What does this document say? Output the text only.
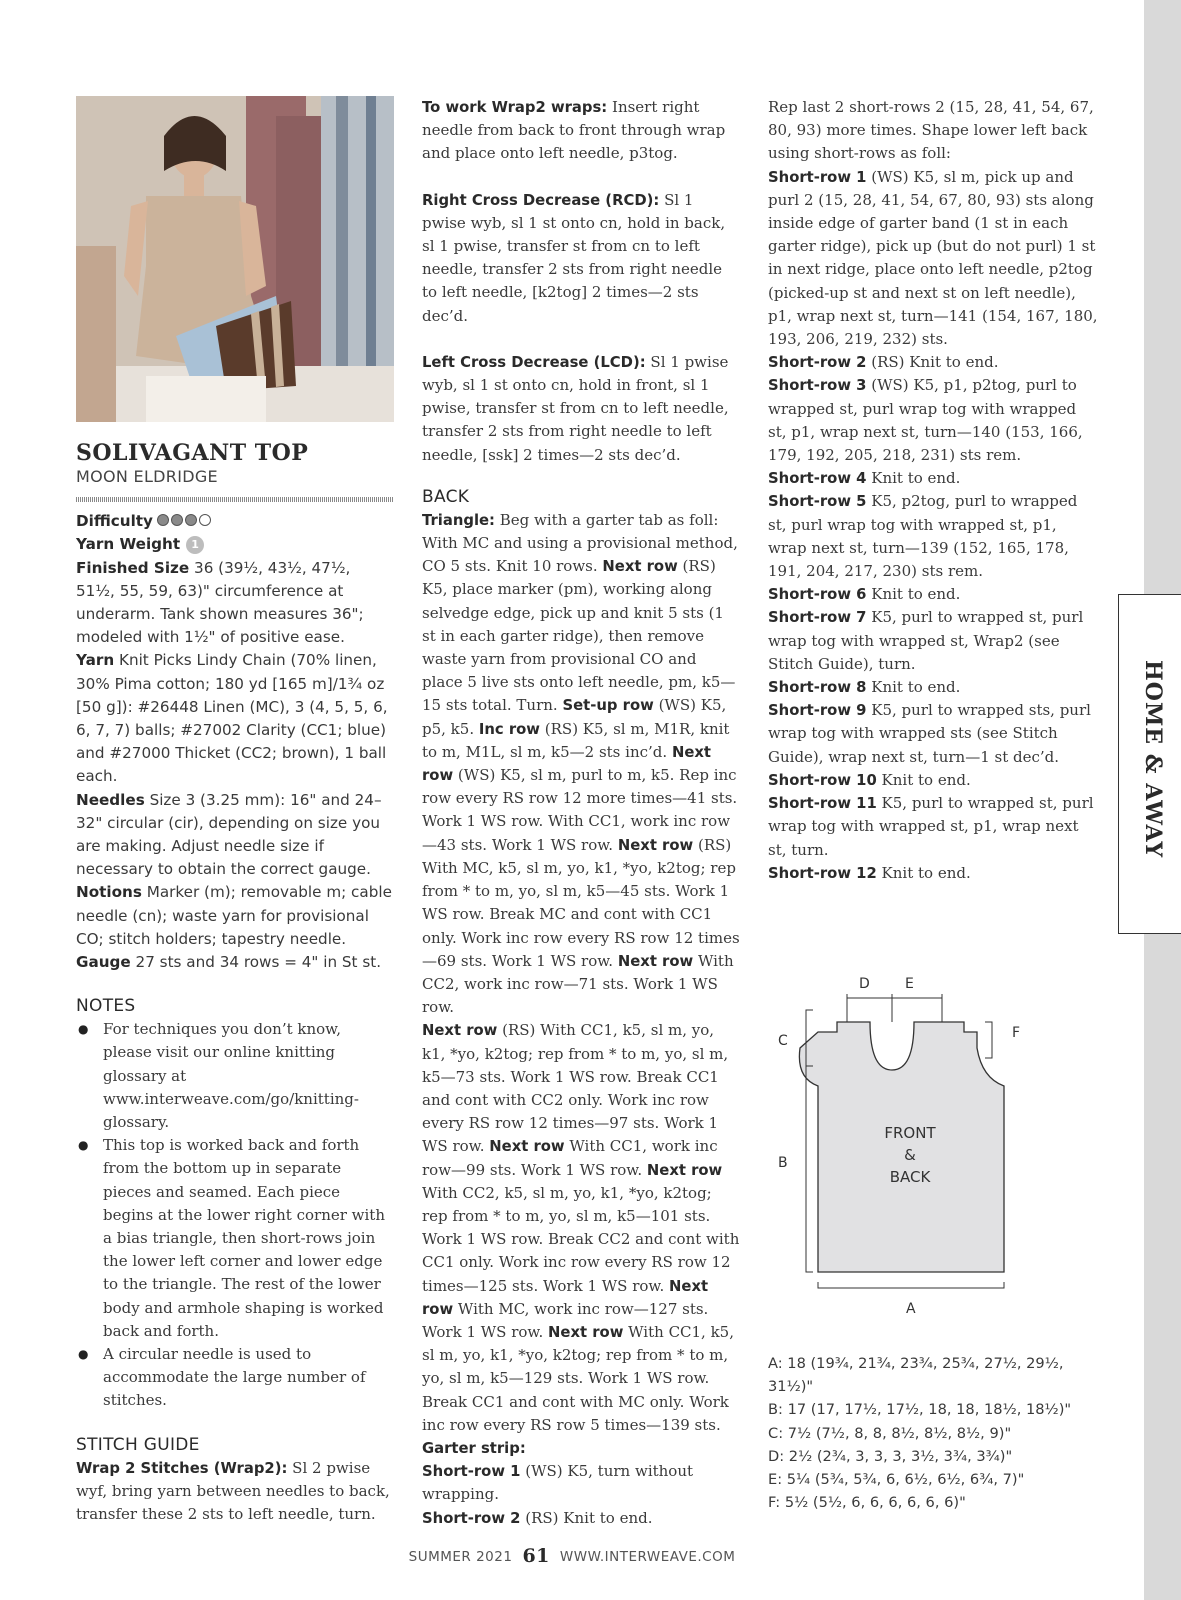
HOME & AWAY
SOLIVAGANT TOP
MOON ELDRIDGE

Difficulty

Yarn Weight 1

Finished Size 36 (39½, 43½, 47½, 51½, 55, 59, 63)" circumference at underarm. Tank shown measures 36"; modeled with 1½" of positive ease.

Yarn Knit Picks Lindy Chain (70% linen, 30% Pima cotton; 180 yd [165 m]/1¾ oz [50 g]): #26448 Linen (MC), 3 (4, 5, 5, 6, 6, 7, 7) balls; #27002 Clarity (CC1; blue) and #27000 Thicket (CC2; brown), 1 ball each.

Needles Size 3 (3.25 mm): 16" and 24–32" circular (cir), depending on size you are making. Adjust needle size if necessary to obtain the correct gauge.

Notions Marker (m); removable m; cable needle (cn); waste yarn for provisional CO; stitch holders; tapestry needle.

Gauge 27 sts and 34 rows = 4" in St st.

NOTES

● For techniques you don’t know, please visit our online knitting glossary at www.interweave.com/go/knitting-glossary.

● This top is worked back and forth from the bottom up in separate pieces and seamed. Each piece begins at the lower right corner with a bias triangle, then short-rows join the lower left corner and lower edge to the triangle. The rest of the lower body and armhole shaping is worked back and forth.

● A circular needle is used to accommodate the large number of stitches.

STITCH GUIDE

Wrap 2 Stitches (Wrap2): Sl 2 pwise wyf, bring yarn between needles to back, transfer these 2 sts to left needle, turn.

To work Wrap2 wraps: Insert right needle from back to front through wrap and place onto left needle, p3tog.

Right Cross Decrease (RCD): Sl 1 pwise wyb, sl 1 st onto cn, hold in back, sl 1 pwise, transfer st from cn to left needle, transfer 2 sts from right needle to left needle, [k2tog] 2 times—2 sts dec’d.

Left Cross Decrease (LCD): Sl 1 pwise wyb, sl 1 st onto cn, hold in front, sl 1 pwise, transfer st from cn to left needle, transfer 2 sts from right needle to left needle, [ssk] 2 times—2 sts dec’d.

BACK

Triangle: Beg with a garter tab as foll: With MC and using a provisional method, CO 5 sts. Knit 10 rows. Next row (RS) K5, place marker (pm), working along selvedge edge, pick up and knit 5 sts (1 st in each garter ridge), then remove waste yarn from provisional CO and place 5 live sts onto left needle, pm, k5—15 sts total. Turn. Set-up row (WS) K5, p5, k5. Inc row (RS) K5, sl m, M1R, knit to m, M1L, sl m, k5—2 sts inc’d. Next row (WS) K5, sl m, purl to m, k5. Rep inc row every RS row 12 more times—41 sts. Work 1 WS row. With CC1, work inc row—43 sts. Work 1 WS row. Next row (RS) With MC, k5, sl m, yo, k1, *yo, k2tog; rep from * to m, yo, sl m, k5—45 sts. Work 1 WS row. Break MC and cont with CC1 only. Work inc row every RS row 12 times—69 sts. Work 1 WS row. Next row With CC2, work inc row—71 sts. Work 1 WS row.
Next row (RS) With CC1, k5, sl m, yo, k1, *yo, k2tog; rep from * to m, yo, sl m, k5—73 sts. Work 1 WS row. Break CC1 and cont with CC2 only. Work inc row every RS row 12 times—97 sts. Work 1 WS row. Next row With CC1, work inc row—99 sts. Work 1 WS row. Next row With CC2, k5, sl m, yo, k1, *yo, k2tog; rep from * to m, yo, sl m, k5—101 sts. Work 1 WS row. Break CC2 and cont with CC1 only. Work inc row every RS row 12 times—125 sts. Work 1 WS row. Next row With MC, work inc row—127 sts. Work 1 WS row. Next row With CC1, k5, sl m, yo, k1, *yo, k2tog; rep from * to m, yo, sl m, k5—129 sts. Work 1 WS row. Break CC1 and cont with MC only. Work inc row every RS row 5 times—139 sts.

Garter strip:

Short-row 1 (WS) K5, turn without wrapping.

Short-row 2 (RS) Knit to end.

Rep last 2 short-rows 2 (15, 28, 41, 54, 67, 80, 93) more times. Shape lower left back using short-rows as foll:

Short-row 1 (WS) K5, sl m, pick up and purl 2 (15, 28, 41, 54, 67, 80, 93) sts along inside edge of garter band (1 st in each garter ridge), pick up (but do not purl) 1 st in next ridge, place onto left needle, p2tog (picked-up st and next st on left needle), p1, wrap next st, turn—141 (154, 167, 180, 193, 206, 219, 232) sts.

Short-row 2 (RS) Knit to end.

Short-row 3 (WS) K5, p1, p2tog, purl to wrapped st, purl wrap tog with wrapped st, p1, wrap next st, turn—140 (153, 166, 179, 192, 205, 218, 231) sts rem.

Short-row 4 Knit to end.

Short-row 5 K5, p2tog, purl to wrapped st, purl wrap tog with wrapped st, p1, wrap next st, turn—139 (152, 165, 178, 191, 204, 217, 230) sts rem.

Short-row 6 Knit to end.

Short-row 7 K5, purl to wrapped st, purl wrap tog with wrapped st, Wrap2 (see Stitch Guide), turn.

Short-row 8 Knit to end.

Short-row 9 K5, purl to wrapped sts, purl wrap tog with wrapped sts (see Stitch Guide), wrap next st, turn—1 st dec’d.

Short-row 10 Knit to end.

Short-row 11 K5, purl to wrapped st, purl wrap tog with wrapped st, p1, wrap next st, turn.

Short-row 12 Knit to end.

D	E
C
B
F
A
FRONT
&
BACK
A: 18 (19¾, 21¾, 23¾, 25¾, 27½, 29½, 31½)"
B: 17 (17, 17½, 17½, 18, 18, 18½, 18½)"
C: 7½ (7½, 8, 8, 8½, 8½, 8½, 9)"
D: 2½ (2¾, 3, 3, 3, 3½, 3¾, 3¾)"
E: 5¼ (5¾, 5¾, 6, 6½, 6½, 6¾, 7)"
F: 5½ (5½, 6, 6, 6, 6, 6, 6)"
SUMMER 2021 61 WWW.INTERWEAVE.COM
